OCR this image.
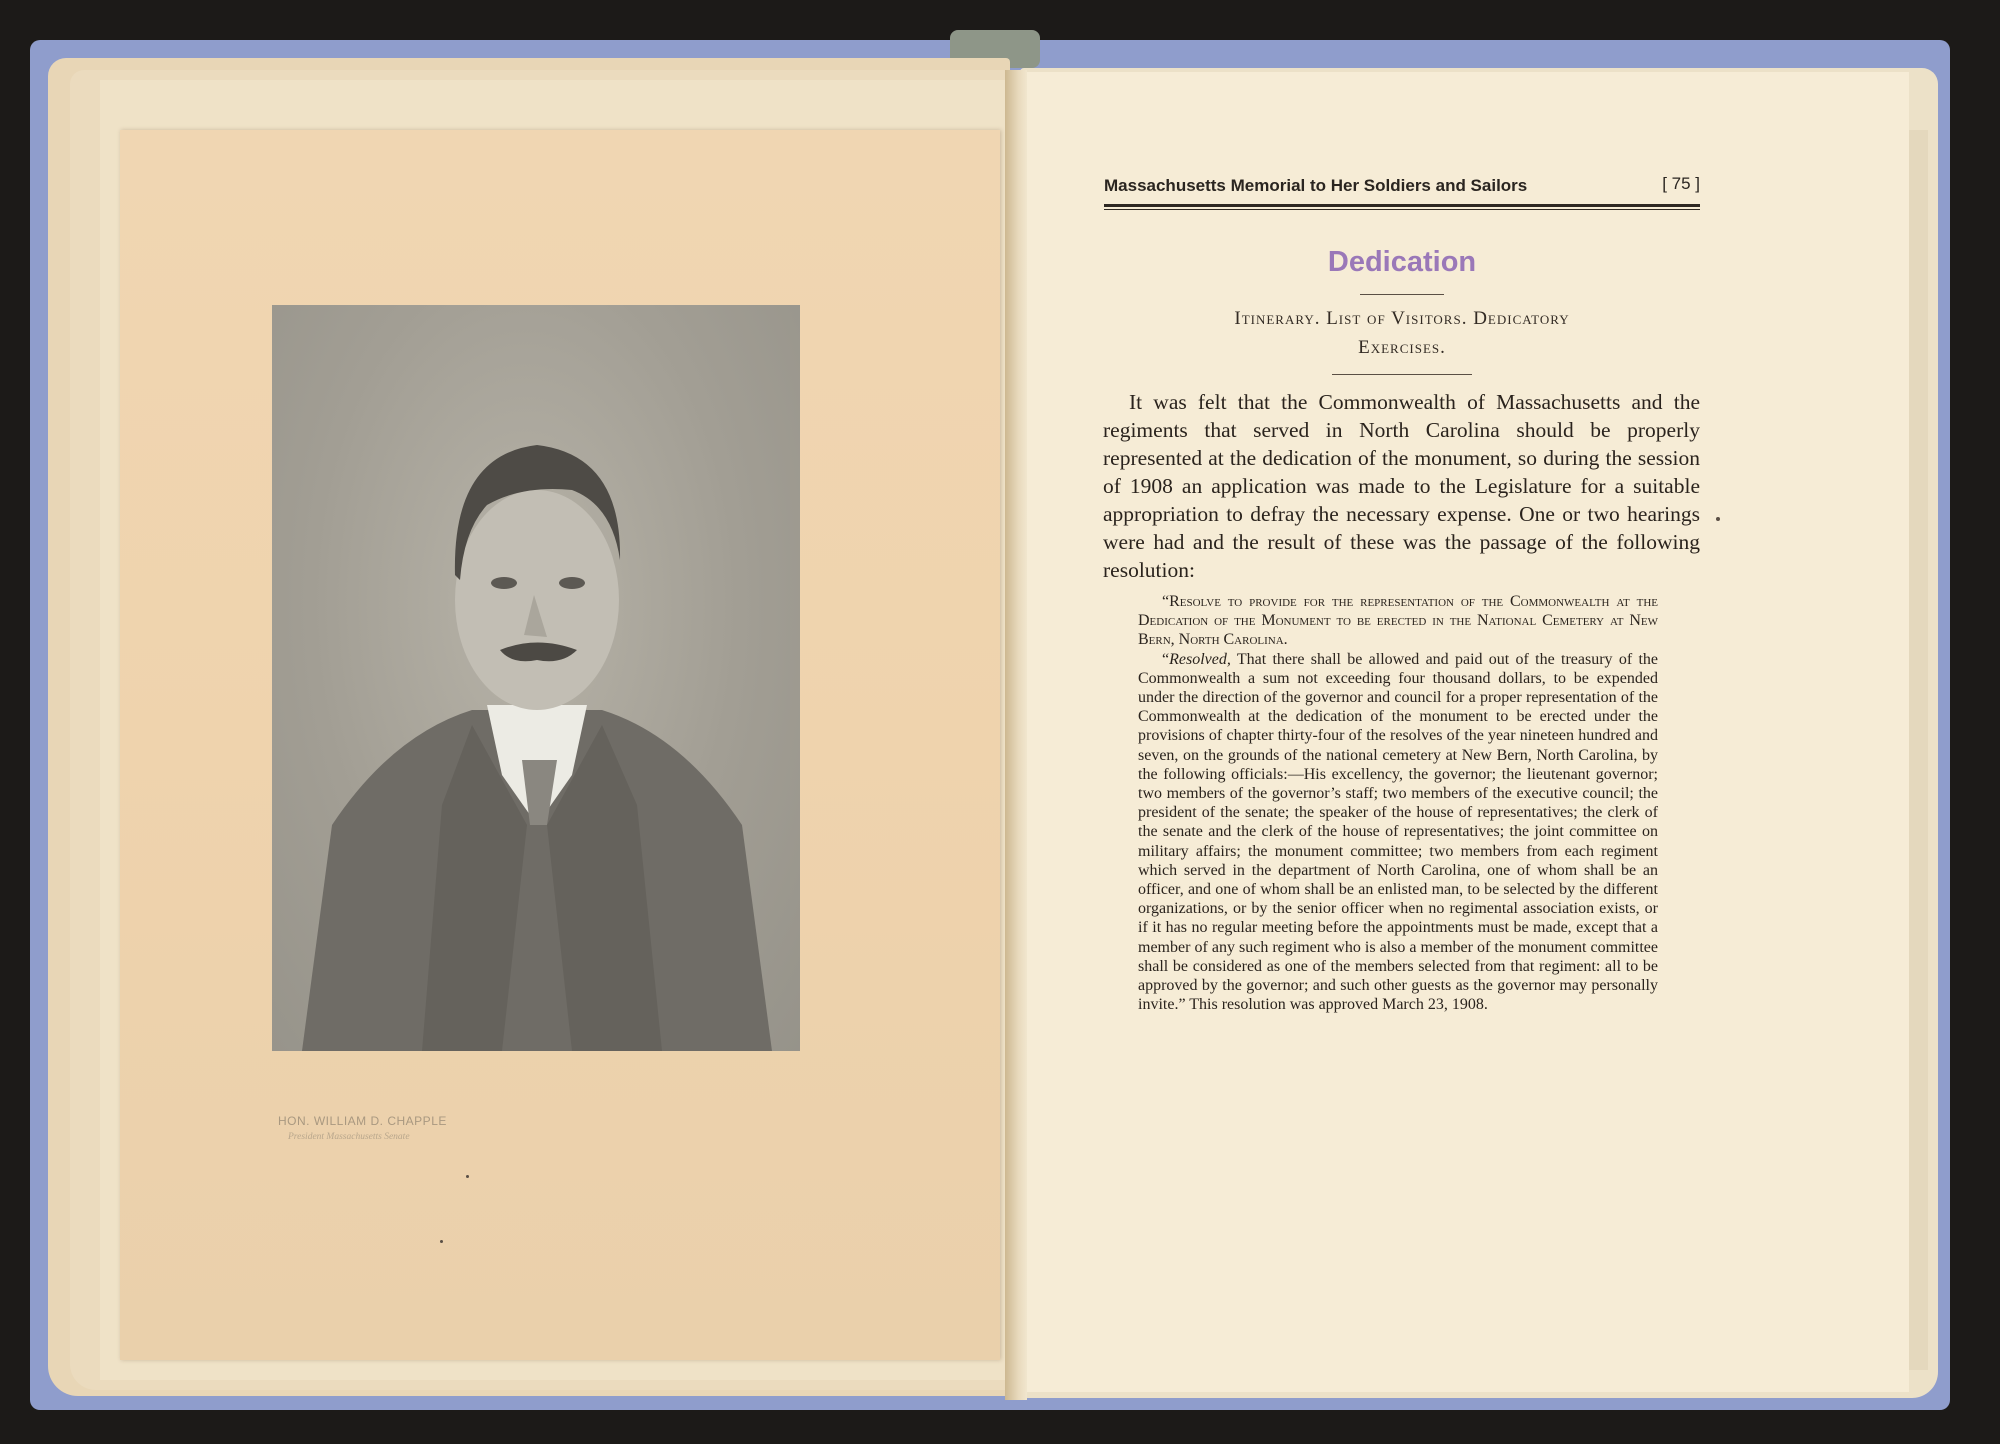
HON. WILLIAM D. CHAPPLE
President Massachusetts Senate
Massachusetts Memorial to Her Soldiers and Sailors	[ 75 ]
Dedication
Itinerary. List of Visitors. Dedicatory
Exercises.

It was felt that the Commonwealth of Massachusetts and the regiments that served in North Carolina should be properly represented at the dedication of the monument, so during the session of 1908 an application was made to the Legislature for a suitable appropriation to defray the necessary expense. One or two hearings were had and the result of these was the passage of the following resolution:

“Resolve to provide for the representation of the Commonwealth at the Dedication of the Monument to be erected in the National Cemetery at New Bern, North Carolina.

“Resolved, That there shall be allowed and paid out of the treasury of the Commonwealth a sum not exceeding four thousand dollars, to be expended under the direction of the governor and council for a proper representation of the Commonwealth at the dedication of the monument to be erected under the provisions of chapter thirty-four of the resolves of the year nineteen hundred and seven, on the grounds of the national cemetery at New Bern, North Carolina, by the following officials:—His excellency, the governor; the lieutenant governor; two members of the governor’s staff; two members of the executive council; the president of the senate; the speaker of the house of representatives; the clerk of the senate and the clerk of the house of representatives; the joint committee on military affairs; the monument committee; two members from each regiment which served in the department of North Carolina, one of whom shall be an officer, and one of whom shall be an enlisted man, to be selected by the different organizations, or by the senior officer when no regimental association exists, or if it has no regular meeting before the appointments must be made, except that a member of any such regiment who is also a member of the monument committee shall be considered as one of the members selected from that regiment: all to be approved by the governor; and such other guests as the governor may personally invite.” This resolution was approved March 23, 1908.
